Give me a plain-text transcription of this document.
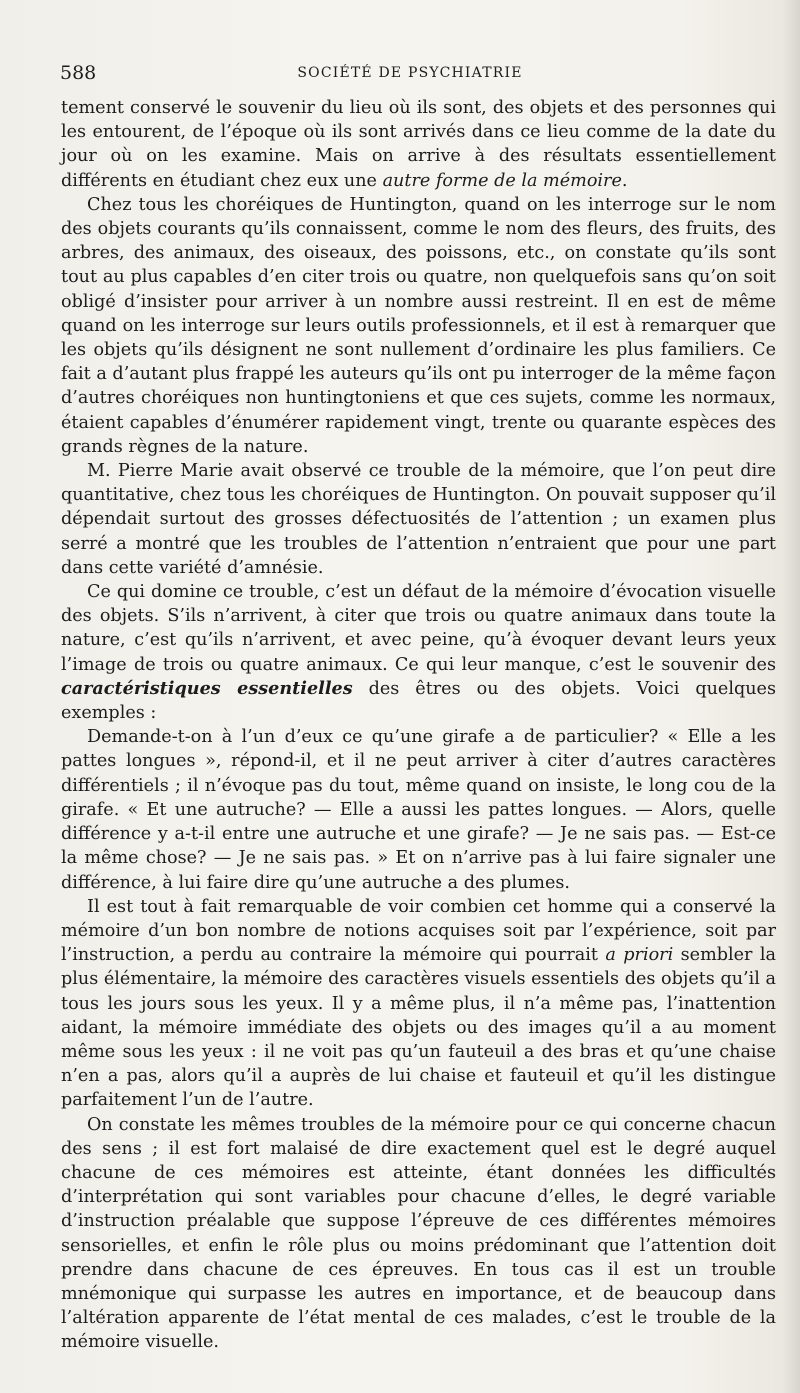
588	SOCIÉTÉ DE PSYCHIATRIE

tement conservé le souvenir du lieu où ils sont, des objets et des personnes qui les entourent, de l’époque où ils sont arrivés dans ce lieu comme de la date du jour où on les examine. Mais on arrive à des résultats essentiellement différents en étudiant chez eux une autre forme de la mémoire.

Chez tous les choréiques de Huntington, quand on les interroge sur le nom des objets courants qu’ils connaissent, comme le nom des fleurs, des fruits, des arbres, des animaux, des oiseaux, des poissons, etc., on constate qu’ils sont tout au plus capables d’en citer trois ou quatre, non quelquefois sans qu’on soit obligé d’insister pour arriver à un nombre aussi restreint. Il en est de même quand on les interroge sur leurs outils professionnels, et il est à remarquer que les objets qu’ils désignent ne sont nullement d’ordinaire les plus familiers. Ce fait a d’autant plus frappé les auteurs qu’ils ont pu interroger de la même façon d’autres choréiques non huntingtoniens et que ces sujets, comme les normaux, étaient capables d’énumérer rapidement vingt, trente ou quarante espèces des grands règnes de la nature.

M. Pierre Marie avait observé ce trouble de la mémoire, que l’on peut dire quantitative, chez tous les choréiques de Huntington. On pouvait supposer qu’il dépendait surtout des grosses défectuosités de l’attention ; un examen plus serré a montré que les troubles de l’attention n’entraient que pour une part dans cette variété d’amnésie.

Ce qui domine ce trouble, c’est un défaut de la mémoire d’évocation visuelle des objets. S’ils n’arrivent, à citer que trois ou quatre animaux dans toute la nature, c’est qu’ils n’arrivent, et avec peine, qu’à évoquer devant leurs yeux l’image de trois ou quatre animaux. Ce qui leur manque, c’est le souvenir des caractéristiques essentielles des êtres ou des objets. Voici quelques exemples :

Demande-t-on à l’un d’eux ce qu’une girafe a de particulier? « Elle a les pattes longues », répond-il, et il ne peut arriver à citer d’autres caractères différentiels ; il n’évoque pas du tout, même quand on insiste, le long cou de la girafe. « Et une autruche? — Elle a aussi les pattes longues. — Alors, quelle différence y a-t-il entre une autruche et une girafe? — Je ne sais pas. — Est-ce la même chose? — Je ne sais pas. » Et on n’arrive pas à lui faire signaler une différence, à lui faire dire qu’une autruche a des plumes.

Il est tout à fait remarquable de voir combien cet homme qui a conservé la mémoire d’un bon nombre de notions acquises soit par l’expérience, soit par l’instruction, a perdu au contraire la mémoire qui pourrait a priori sembler la plus élémentaire, la mémoire des caractères visuels essentiels des objets qu’il a tous les jours sous les yeux. Il y a même plus, il n’a même pas, l’inattention aidant, la mémoire immédiate des objets ou des images qu’il a au moment même sous les yeux : il ne voit pas qu’un fauteuil a des bras et qu’une chaise n’en a pas, alors qu’il a auprès de lui chaise et fauteuil et qu’il les distingue parfaitement l’un de l’autre.

On constate les mêmes troubles de la mémoire pour ce qui concerne chacun des sens ; il est fort malaisé de dire exactement quel est le degré auquel chacune de ces mémoires est atteinte, étant données les difficultés d’interprétation qui sont variables pour chacune d’elles, le degré variable d’instruction préalable que suppose l’épreuve de ces différentes mémoires sensorielles, et enfin le rôle plus ou moins prédominant que l’attention doit prendre dans chacune de ces épreuves. En tous cas il est un trouble mnémonique qui surpasse les autres en importance, et de beaucoup dans l’altération apparente de l’état mental de ces malades, c’est le trouble de la mémoire visuelle.
